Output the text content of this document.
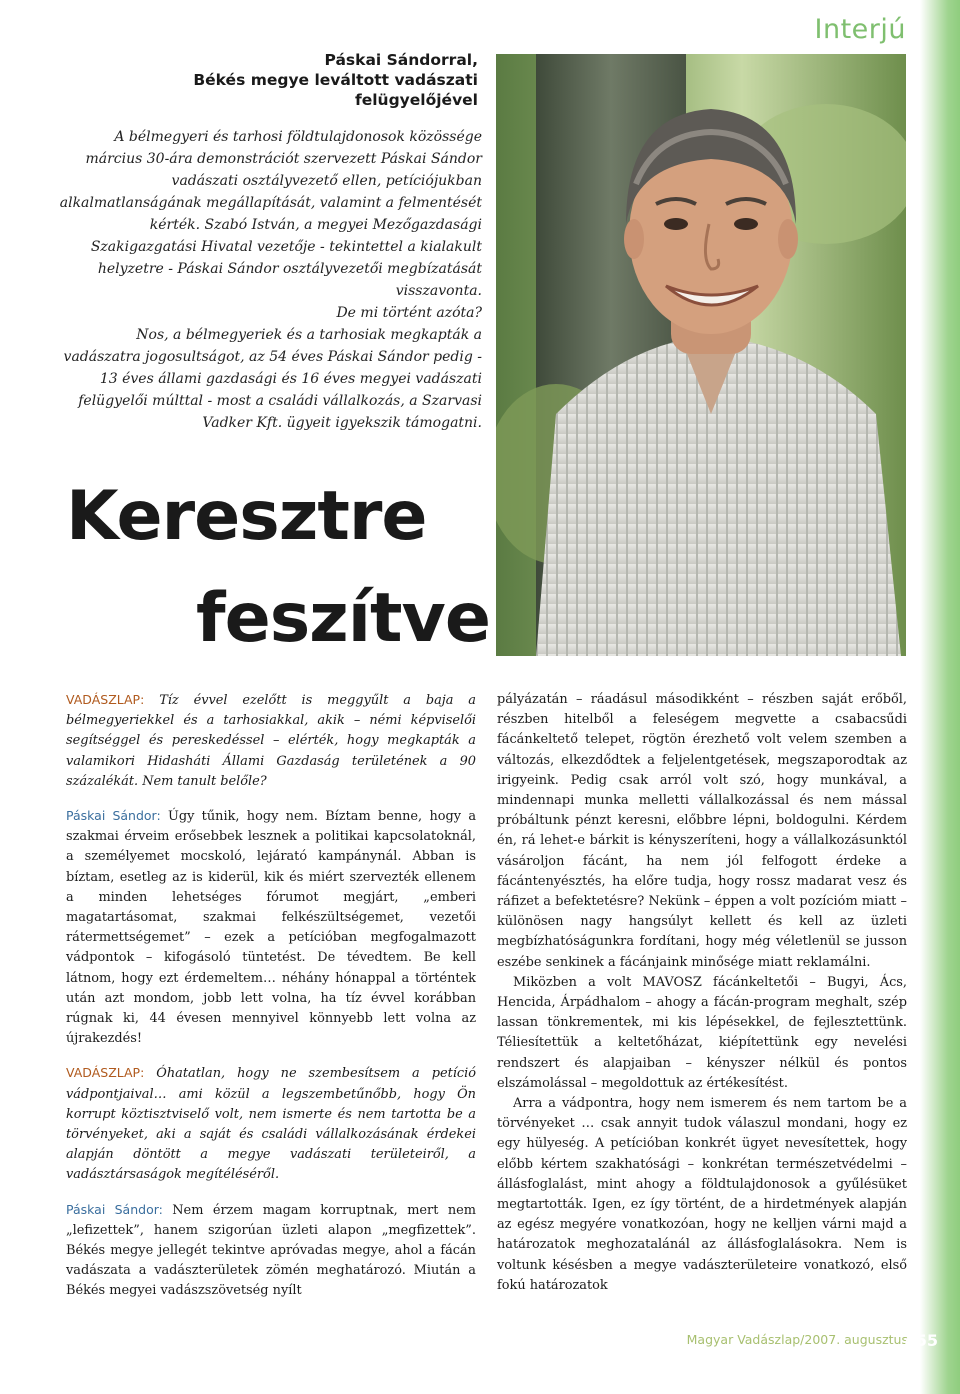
Interjú
Páskai Sándorral,
Békés megye leváltott vadászati felügyelőjével

A bélmegyeri és tarhosi földtulajdonosok közössége március 30-ára demonstrációt szervezett Páskai Sándor vadászati osztályvezető ellen, petíciójukban alkalmatlanságának megállapítását, valamint a felmentését kérték. Szabó István, a megyei Mezőgazdasági Szakigazgatási Hivatal vezetője - tekintettel a kialakult helyzetre - Páskai Sándor osztályvezetői megbízatását visszavonta.

De mi történt azóta?

Nos, a bélmegyeriek és a tarhosiak megkapták a vadászatra jogosultságot, az 54 éves Páskai Sándor pedig - 13 éves állami gazdasági és 16 éves megyei vadászati felügyelői múlttal - most a családi vállalkozás, a Szarvasi Vadker Kft. ügyeit igyekszik támogatni.

Keresztre
feszítve

VADÁSZLAP: Tíz évvel ezelőtt is meggyűlt a baja a bélmegyeriekkel és a tarhosiakkal, akik – némi képviselői segítséggel és pereskedéssel – elérték, hogy megkapták a valamikori Hidasháti Állami Gazdaság területének a 90 százalékát. Nem tanult belőle?

Páskai Sándor: Úgy tűnik, hogy nem. Bíztam benne, hogy a szakmai érveim erősebbek lesznek a politikai kapcsolatoknál, a személyemet mocskoló, lejárató kampánynál. Abban is bíztam, esetleg az is kiderül, kik és miért szervezték ellenem a minden lehetséges fórumot megjárt, „emberi magatartásomat, szakmai felkészültségemet, vezetői rátermettségemet” – ezek a petícióban megfogalmazott vádpontok – kifogásoló tüntetést. De tévedtem. Be kell látnom, hogy ezt érdemeltem… néhány hónappal a történtek után azt mondom, jobb lett volna, ha tíz évvel korábban rúgnak ki, 44 évesen mennyivel könnyebb lett volna az újrakezdés!

VADÁSZLAP: Óhatatlan, hogy ne szembesítsem a petíció vádpontjaival… ami közül a legszembetűnőbb, hogy Ön korrupt köztisztviselő volt, nem ismerte és nem tartotta be a törvényeket, aki a saját és családi vállalkozásának érdekei alapján döntött a megye vadászati területeiről, a vadásztársaságok megítéléséről.

Páskai Sándor: Nem érzem magam korruptnak, mert nem „lefizettek”, hanem szigorúan üzleti alapon „megfizettek”. Békés megye jellegét tekintve apróvadas megye, ahol a fácán vadászata a vadászterületek zömén meghatározó. Miután a Békés megyei vadászszövetség nyílt

pályázatán – ráadásul másodikként – részben saját erőből, részben hitelből a feleségem megvette a csabacsűdi fácánkeltető telepet, rögtön érezhető volt velem szemben a változás, elkezdődtek a feljelentgetések, megszaporodtak az irigyeink. Pedig csak arról volt szó, hogy munkával, a mindennapi munka melletti vállalkozással és nem mással próbáltunk pénzt keresni, előbbre lépni, boldogulni. Kérdem én, rá lehet-e bárkit is kényszeríteni, hogy a vállalkozásunktól vásároljon fácánt, ha nem jól felfogott érdeke a fácántenyésztés, ha előre tudja, hogy rossz madarat vesz és ráfizet a befektetésre? Nekünk – éppen a volt pozícióm miatt – különösen nagy hangsúlyt kellett és kell az üzleti megbízhatóságunkra fordítani, hogy még véletlenül se jusson eszébe senkinek a fácánjaink minősége miatt reklamálni.

Miközben a volt MAVOSZ fácánkeltetői – Bugyi, Ács, Hencida, Árpádhalom – ahogy a fácán-program meghalt, szép lassan tönkrementek, mi kis lépésekkel, de fejlesztettünk. Téliesítettük a keltetőházat, kiépítettünk egy nevelési rendszert és alapjaiban – kényszer nélkül és pontos elszámolással – megoldottuk az értékesítést.

Arra a vádpontra, hogy nem ismerem és nem tartom be a törvényeket … csak annyit tudok válaszul mondani, hogy ez egy hülyeség. A petícióban konkrét ügyet nevesítettek, hogy előbb kértem szakhatósági – konkrétan természetvédelmi – állásfoglalást, mint ahogy a földtulajdonosok a gyűlésüket megtartották. Igen, ez így történt, de a hirdetmények alapján az egész megyére vonatkozóan, hogy ne kelljen várni majd a határozatok meghozatalánál az állásfoglalásokra. Nem is voltunk késésben a megye vadászterületeire vonatkozó, első fokú határozatok

Magyar Vadászlap/2007. augusztus
455
